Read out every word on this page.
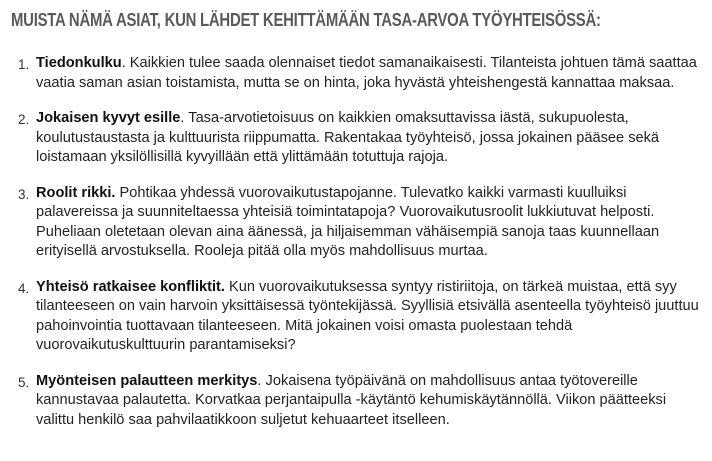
MUISTA NÄMÄ ASIAT, KUN LÄHDET KEHITTÄMÄÄN TASA-ARVOA TYÖYHTEISÖSSÄ:
1. Tiedonkulku. Kaikkien tulee saada olennaiset tiedot samanaikaisesti. Tilanteista johtuen tämä saattaa vaatia saman asian toistamista, mutta se on hinta, joka hyvästä yhteishengestä kannattaa maksaa.
2. Jokaisen kyvyt esille. Tasa-arvotietoisuus on kaikkien omaksuttavissa iästä, sukupuolesta, koulutustaustasta ja kulttuurista riippumatta. Rakentakaa työyhteisö, jossa jokainen pääsee sekä loistamaan yksilöllisillä kyvyillään että ylittämään totuttuja rajoja.
3. Roolit rikki. Pohtikaa yhdessä vuorovaikutustapojanne. Tulevatko kaikki varmasti kuulluiksi palavereissa ja suunniteltaessa yhteisiä toimintatapoja? Vuorovaikutusroolit lukkiutuvat helposti. Puheliaan oletetaan olevan aina äänessä, ja hiljaisemman vähäisempiä sanoja taas kuunnellaan erityisellä arvostuksella. Rooleja pitää olla myös mahdollisuus murtaa.
4. Yhteisö ratkaisee konfliktit. Kun vuorovaikutuksessa syntyy ristiriitoja, on tärkeä muistaa, että syy tilanteeseen on vain harvoin yksittäisessä työntekijässä. Syyllisiä etsivällä asenteella työyhteisö juuttuu pahoinvointia tuottavaan tilanteeseen. Mitä jokainen voisi omasta puolestaan tehdä vuorovaikutuskulttuurin parantamiseksi?
5. Myönteisen palautteen merkitys. Jokaisena työpäivänä on mahdollisuus antaa työtovereille kannustavaa palautetta. Korvatkaa perjantaipulla -käytäntö kehumiskäytännöllä. Viikon päätteeksi valittu henkilö saa pahvilaatikkoon suljetut kehuaarteet itselleen.
